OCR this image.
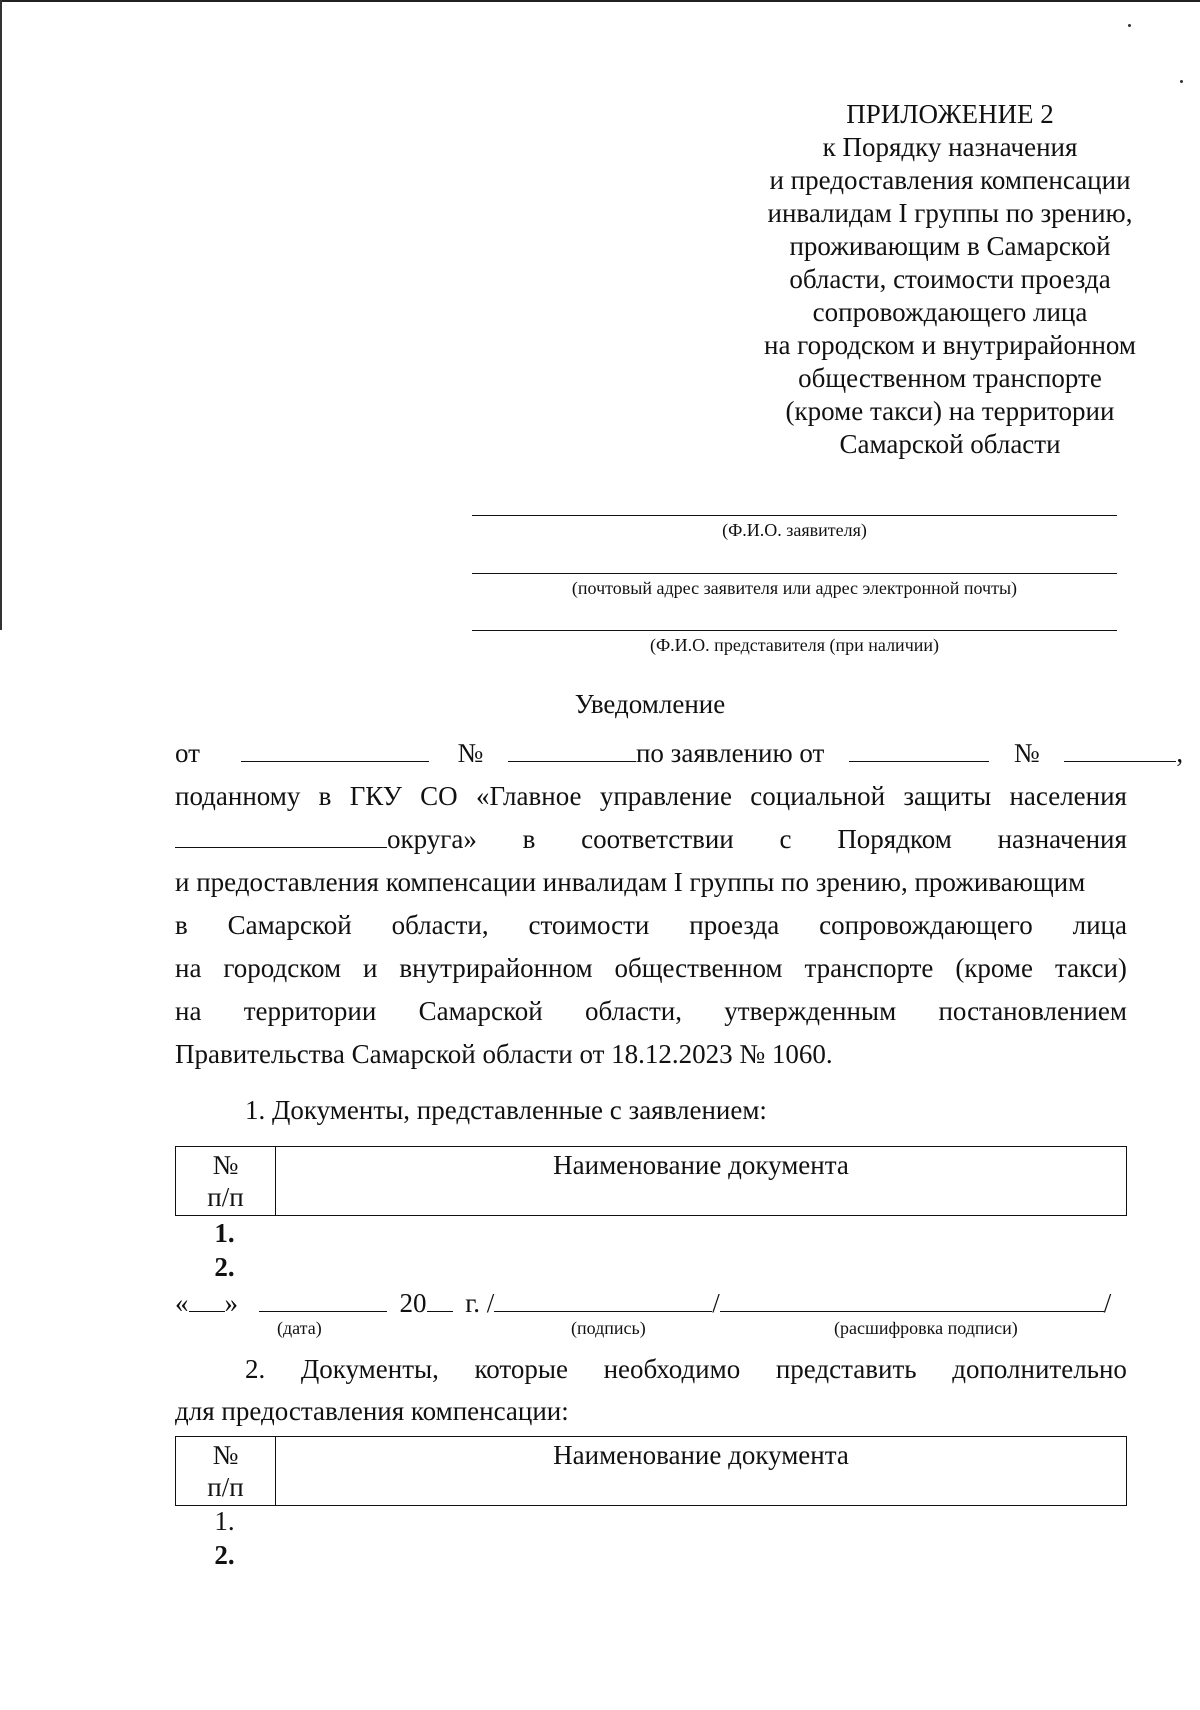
ПРИЛОЖЕНИЕ 2
к Порядку назначения
и предоставления компенсации
инвалидам I группы по зрению,
проживающим в Самарской
области, стоимости проезда
сопровождающего лица
на городском и внутрирайонном
общественном транспорте
(кроме такси) на территории
Самарской области
(Ф.И.О. заявителя)
(почтовый адрес заявителя или адрес электронной почты)
(Ф.И.О. представителя (при наличии)
Уведомление
от	№	по заявлению от	№	,
поданному в ГКУ СО «Главное управление социальной защиты населения
округа» в соответствии с Порядком назначения
и предоставления компенсации инвалидам I группы по зрению, проживающим
в Самарской области, стоимости проезда сопровождающего лица
на городском и внутрирайонном общественном транспорте (кроме такси)
на территории Самарской области, утвержденным постановлением
Правительства Самарской области от 18.12.2023 № 1060.
1. Документы, представленные с заявлением:
№ п/п	Наименование документа
1.
2.
« »	20 г. /	/	/
(дата)	(подпись)	(расшифровка подписи)
2. Документы, которые необходимо представить дополнительно
для предоставления компенсации:
№ п/п	Наименование документа
1.
2.
